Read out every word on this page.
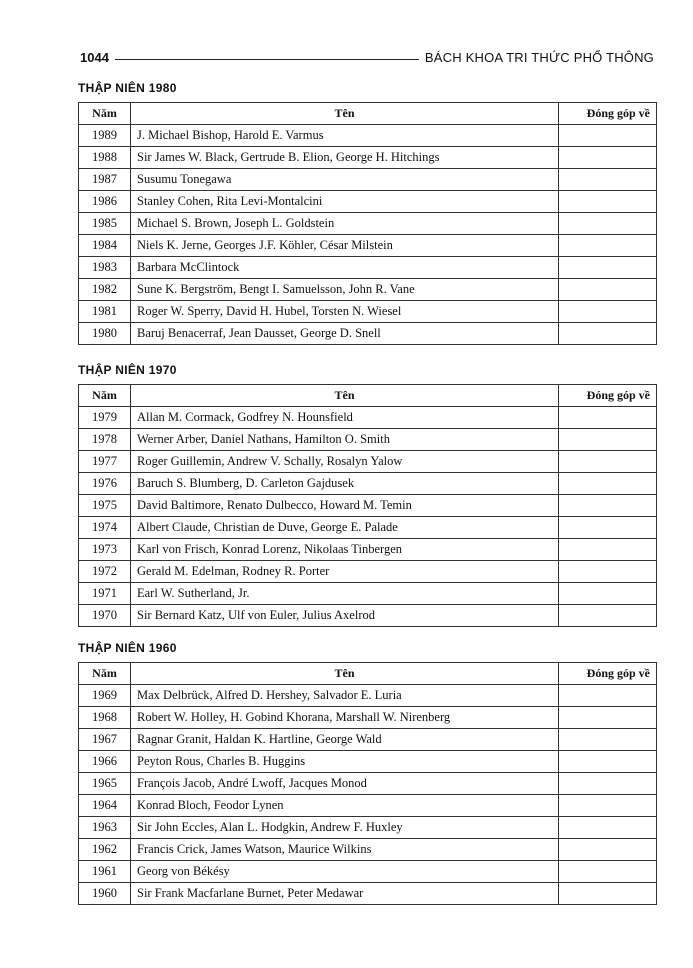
1044	BÁCH KHOA TRI THỨC PHỔ THÔNG
THẬP NIÊN 1980
Năm	Tên	Đóng góp về
1989	J. Michael Bishop, Harold E. Varmus	
1988	Sir James W. Black, Gertrude B. Elion, George H. Hitchings	
1987	Susumu Tonegawa	
1986	Stanley Cohen, Rita Levi-Montalcini	
1985	Michael S. Brown, Joseph L. Goldstein	
1984	Niels K. Jerne, Georges J.F. Köhler, César Milstein	
1983	Barbara McClintock	
1982	Sune K. Bergström, Bengt I. Samuelsson, John R. Vane	
1981	Roger W. Sperry, David H. Hubel, Torsten N. Wiesel	
1980	Baruj Benacerraf, Jean Dausset, George D. Snell	
THẬP NIÊN 1970
Năm	Tên	Đóng góp về
1979	Allan M. Cormack, Godfrey N. Hounsfield	
1978	Werner Arber, Daniel Nathans, Hamilton O. Smith	
1977	Roger Guillemin, Andrew V. Schally, Rosalyn Yalow	
1976	Baruch S. Blumberg, D. Carleton Gajdusek	
1975	David Baltimore, Renato Dulbecco, Howard M. Temin	
1974	Albert Claude, Christian de Duve, George E. Palade	
1973	Karl von Frisch, Konrad Lorenz, Nikolaas Tinbergen	
1972	Gerald M. Edelman, Rodney R. Porter	
1971	Earl W. Sutherland, Jr.	
1970	Sir Bernard Katz, Ulf von Euler, Julius Axelrod	
THẬP NIÊN 1960
Năm	Tên	Đóng góp về
1969	Max Delbrück, Alfred D. Hershey, Salvador E. Luria	
1968	Robert W. Holley, H. Gobind Khorana, Marshall W. Nirenberg	
1967	Ragnar Granit, Haldan K. Hartline, George Wald	
1966	Peyton Rous, Charles B. Huggins	
1965	François Jacob, André Lwoff, Jacques Monod	
1964	Konrad Bloch, Feodor Lynen	
1963	Sir John Eccles, Alan L. Hodgkin, Andrew F. Huxley	
1962	Francis Crick, James Watson, Maurice Wilkins	
1961	Georg von Békésy	
1960	Sir Frank Macfarlane Burnet, Peter Medawar	
